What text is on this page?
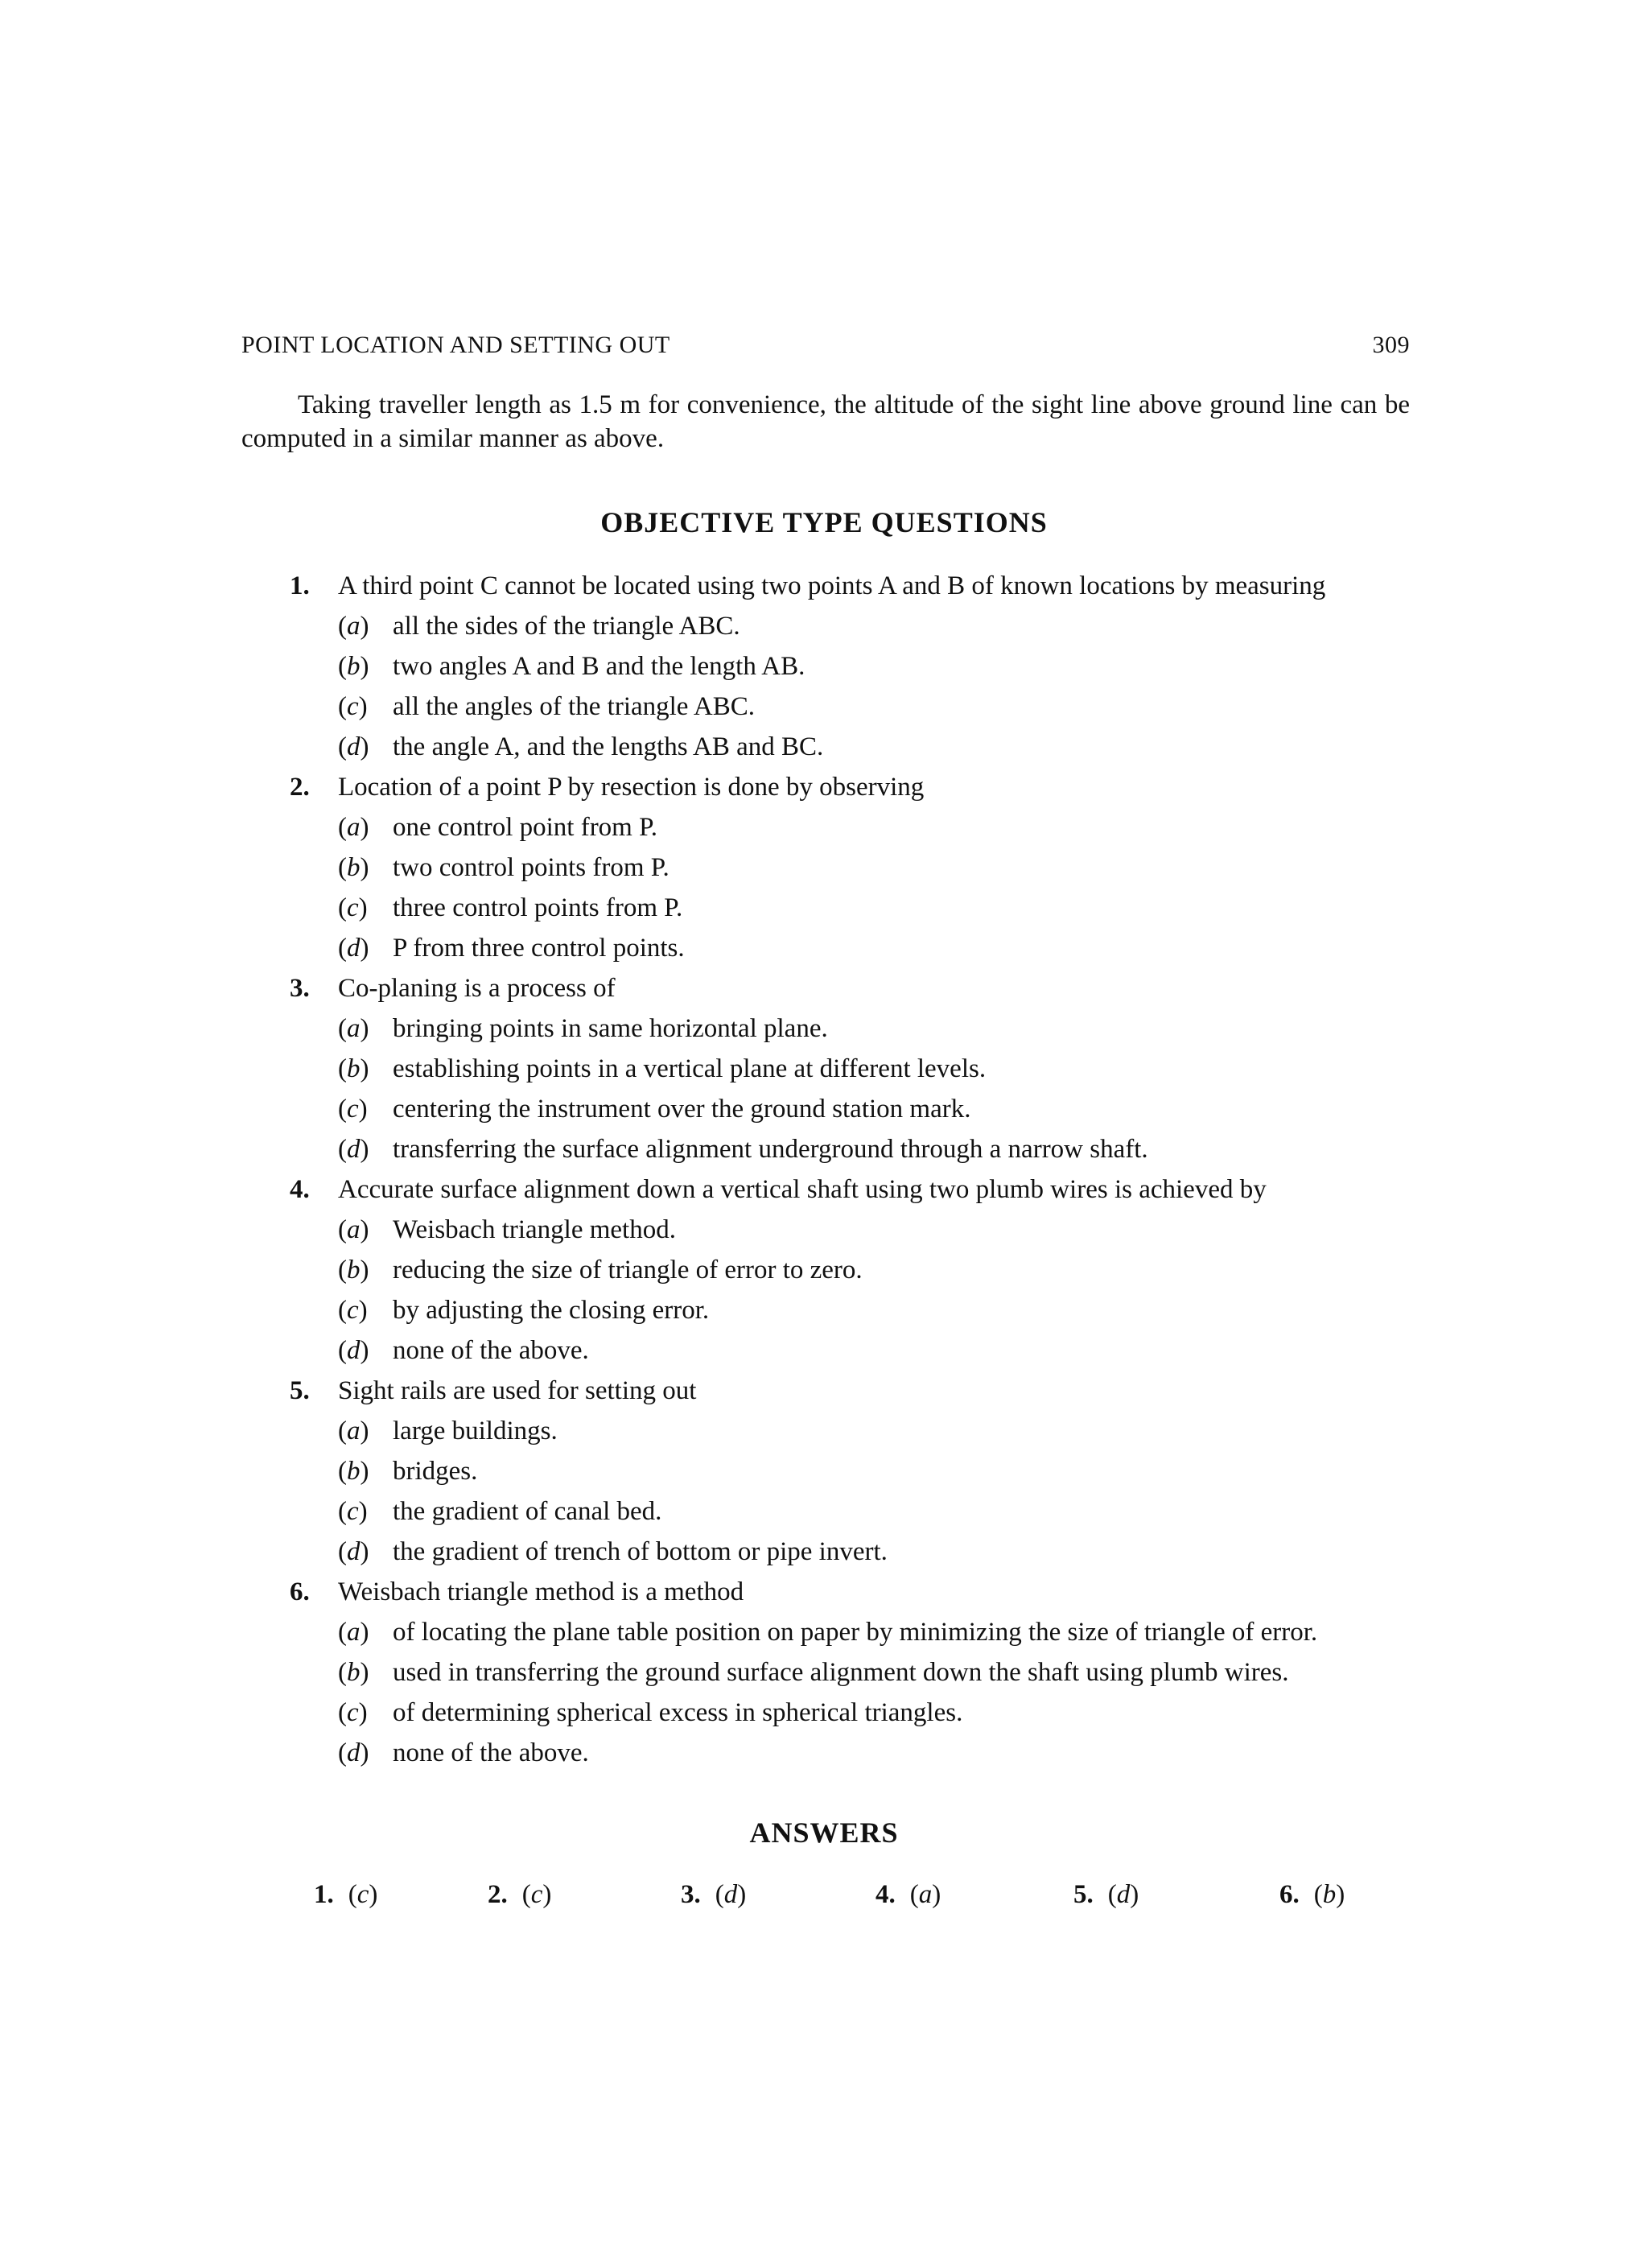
POINT LOCATION AND SETTING OUT	309

Taking traveller length as 1.5 m for convenience, the altitude of the sight line above ground line can be computed in a similar manner as above.

OBJECTIVE TYPE QUESTIONS
1. A third point C cannot be located using two points A and B of known locations by measuring
( a ) all the sides of the triangle ABC.
( b ) two angles A and B and the length AB.
( c ) all the angles of the triangle ABC.
( d ) the angle A, and the lengths AB and BC.
2. Location of a point P by resection is done by observing
( a ) one control point from P.
( b ) two control points from P.
( c ) three control points from P.
( d ) P from three control points.
3. Co-planing is a process of
( a ) bringing points in same horizontal plane.
( b ) establishing points in a vertical plane at different levels.
( c ) centering the instrument over the ground station mark.
( d ) transferring the surface alignment underground through a narrow shaft.
4. Accurate surface alignment down a vertical shaft using two plumb wires is achieved by
( a ) Weisbach triangle method.
( b ) reducing the size of triangle of error to zero.
( c ) by adjusting the closing error.
( d ) none of the above.
5. Sight rails are used for setting out
( a ) large buildings.
( b ) bridges.
( c ) the gradient of canal bed.
( d ) the gradient of trench of bottom or pipe invert.
6. Weisbach triangle method is a method
( a ) of locating the plane table position on paper by minimizing the size of triangle of error.
( b ) used in transferring the ground surface alignment down the shaft using plumb wires.
( c ) of determining spherical excess in spherical triangles.
( d ) none of the above.
ANSWERS
1. ( c )	2. ( c )	3. ( d )	4. ( a )	5. ( d )	6. ( b )
